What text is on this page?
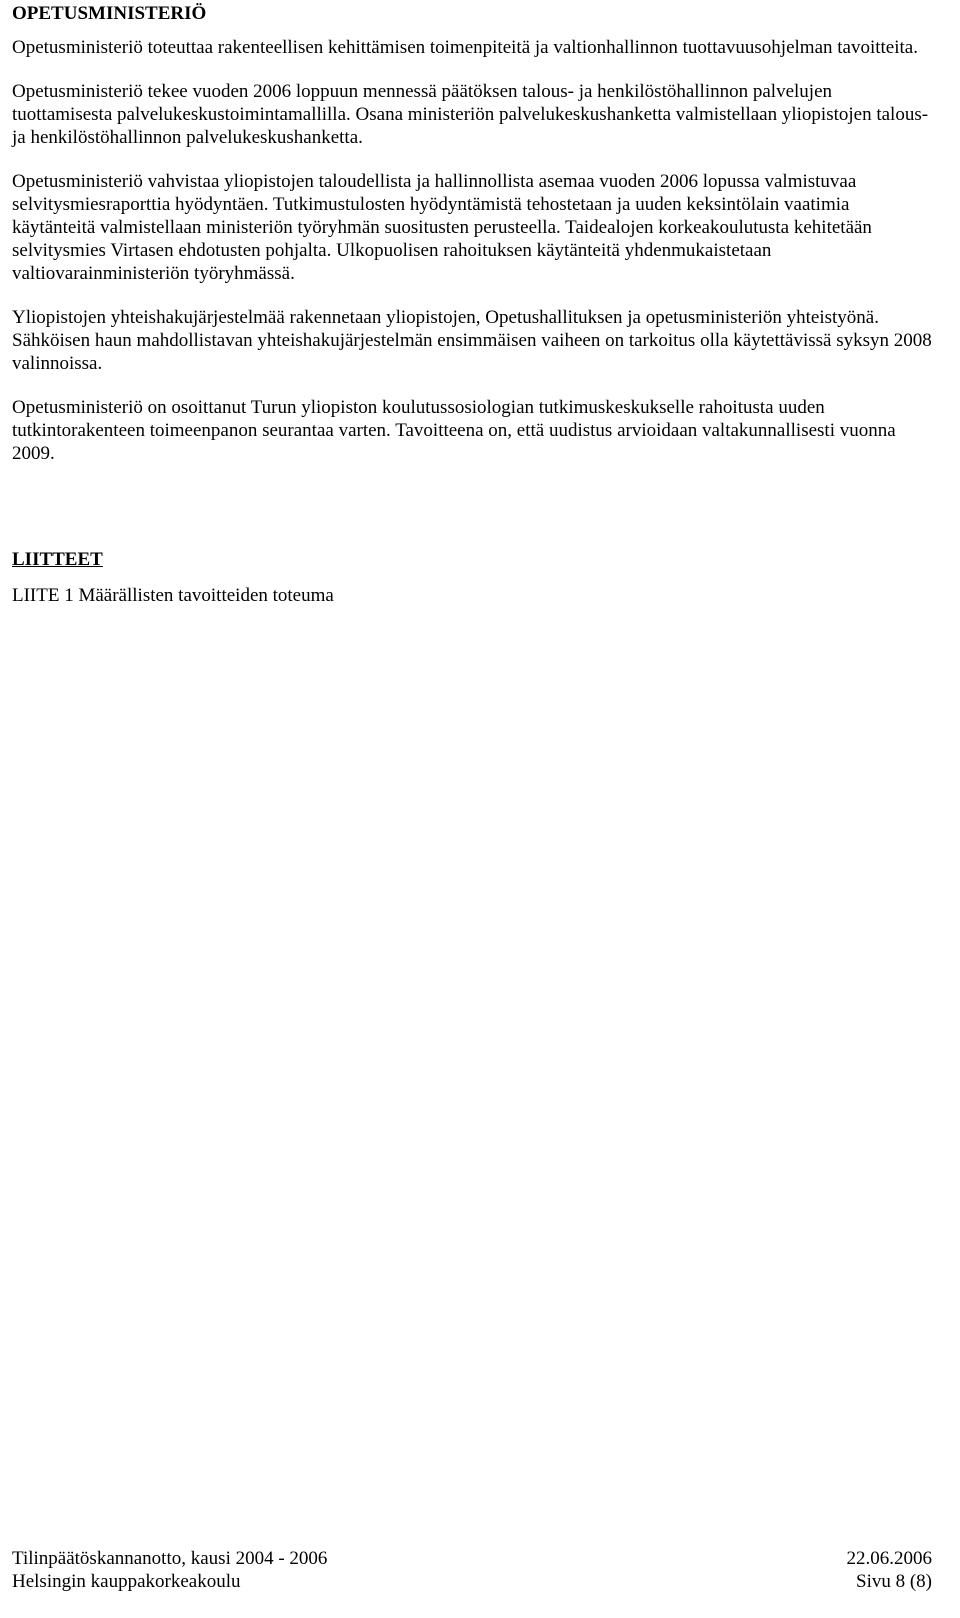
OPETUSMINISTERIÖ

Opetusministeriö toteuttaa rakenteellisen kehittämisen toimenpiteitä ja valtionhallinnon tuottavuusohjelman tavoitteita.

Opetusministeriö tekee vuoden 2006 loppuun mennessä päätöksen talous- ja henkilöstöhallinnon palvelujen tuottamisesta palvelukeskustoimintamallilla. Osana ministeriön palvelukeskushanketta valmistellaan yliopistojen talous- ja henkilöstöhallinnon palvelukeskushanketta.

Opetusministeriö vahvistaa yliopistojen taloudellista ja hallinnollista asemaa vuoden 2006 lopussa valmistuvaa selvitysmiesraporttia hyödyntäen. Tutkimustulosten hyödyntämistä tehostetaan ja uuden keksintölain vaatimia käytänteitä valmistellaan ministeriön työryhmän suositusten perusteella. Taidealojen korkeakoulutusta kehitetään selvitysmies Virtasen ehdotusten pohjalta. Ulkopuolisen rahoituksen käytänteitä yhdenmukaistetaan valtiovarainministeriön työryhmässä.

Yliopistojen yhteishakujärjestelmää rakennetaan yliopistojen, Opetushallituksen ja opetusministeriön yhteistyönä. Sähköisen haun mahdollistavan yhteishakujärjestelmän ensimmäisen vaiheen on tarkoitus olla käytettävissä syksyn 2008 valinnoissa.

Opetusministeriö on osoittanut Turun yliopiston koulutussosiologian tutkimuskeskukselle rahoitusta uuden tutkintorakenteen toimeenpanon seurantaa varten. Tavoitteena on, että uudistus arvioidaan valtakunnallisesti vuonna 2009.

LIITTEET
LIITE 1 Määrällisten tavoitteiden toteuma
Tilinpäätöskannanotto, kausi 2004 - 2006	22.06.2006
Helsingin kauppakorkeakoulu	Sivu 8 (8)
